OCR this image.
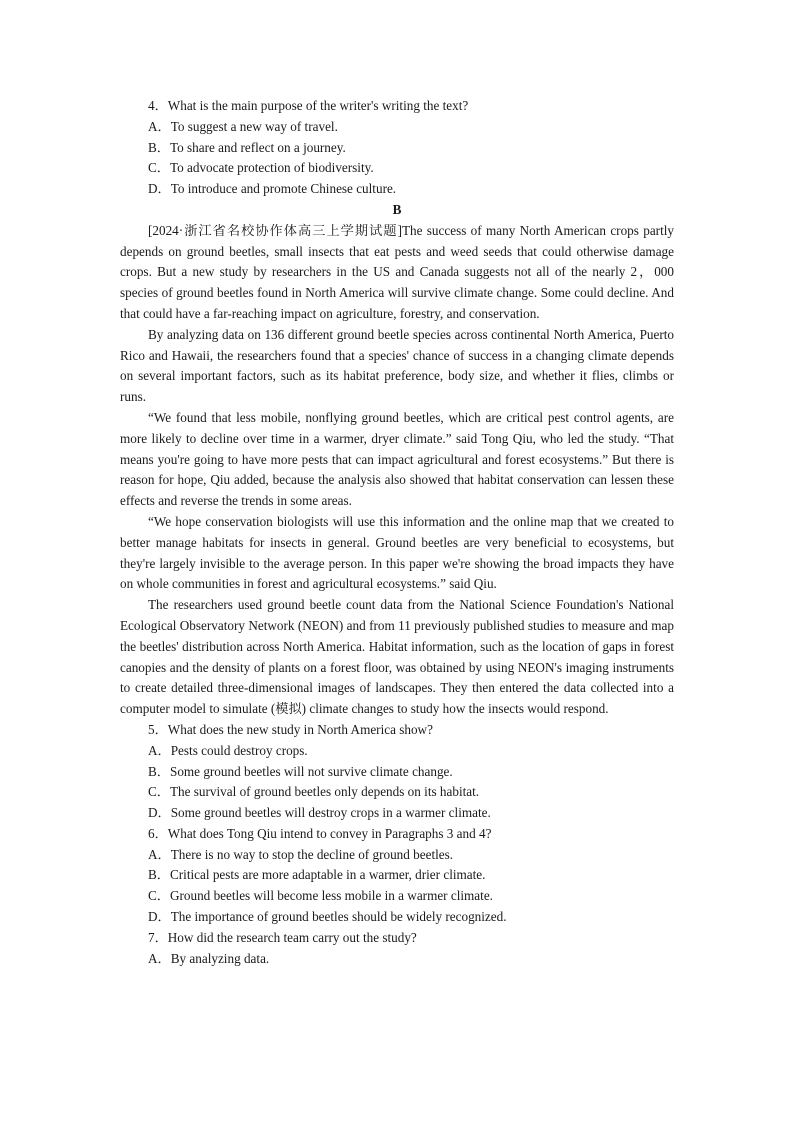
4．What is the main purpose of the writer's writing the text?
A．To suggest a new way of travel.
B．To share and reflect on a journey.
C．To advocate protection of biodiversity.
D．To introduce and promote Chinese culture.
B

[2024·浙江省名校协作体高三上学期试题]The success of many North American crops partly depends on ground beetles, small insects that eat pests and weed seeds that could otherwise damage crops. But a new study by researchers in the US and Canada suggests not all of the nearly 2，000 species of ground beetles found in North America will survive climate change. Some could decline. And that could have a far-reaching impact on agriculture, forestry, and conservation.

By analyzing data on 136 different ground beetle species across continental North America, Puerto Rico and Hawaii, the researchers found that a species' chance of success in a changing climate depends on several important factors, such as its habitat preference, body size, and whether it flies, climbs or runs.

“We found that less mobile, nonflying ground beetles, which are critical pest control agents, are more likely to decline over time in a warmer, dryer climate.” said Tong Qiu, who led the study. “That means you're going to have more pests that can impact agricultural and forest ecosystems.” But there is reason for hope, Qiu added, because the analysis also showed that habitat conservation can lessen these effects and reverse the trends in some areas.

“We hope conservation biologists will use this information and the online map that we created to better manage habitats for insects in general. Ground beetles are very beneficial to ecosystems, but they're largely invisible to the average person. In this paper we're showing the broad impacts they have on whole communities in forest and agricultural ecosystems.” said Qiu.

The researchers used ground beetle count data from the National Science Foundation's National Ecological Observatory Network (NEON) and from 11 previously published studies to measure and map the beetles' distribution across North America. Habitat information, such as the location of gaps in forest canopies and the density of plants on a forest floor, was obtained by using NEON's imaging instruments to create detailed three-dimensional images of landscapes. They then entered the data collected into a computer model to simulate (模拟) climate changes to study how the insects would respond.

5．What does the new study in North America show?
A．Pests could destroy crops.
B．Some ground beetles will not survive climate change.
C．The survival of ground beetles only depends on its habitat.
D．Some ground beetles will destroy crops in a warmer climate.
6．What does Tong Qiu intend to convey in Paragraphs 3 and 4?
A．There is no way to stop the decline of ground beetles.
B．Critical pests are more adaptable in a warmer, drier climate.
C．Ground beetles will become less mobile in a warmer climate.
D．The importance of ground beetles should be widely recognized.
7．How did the research team carry out the study?
A．By analyzing data.
